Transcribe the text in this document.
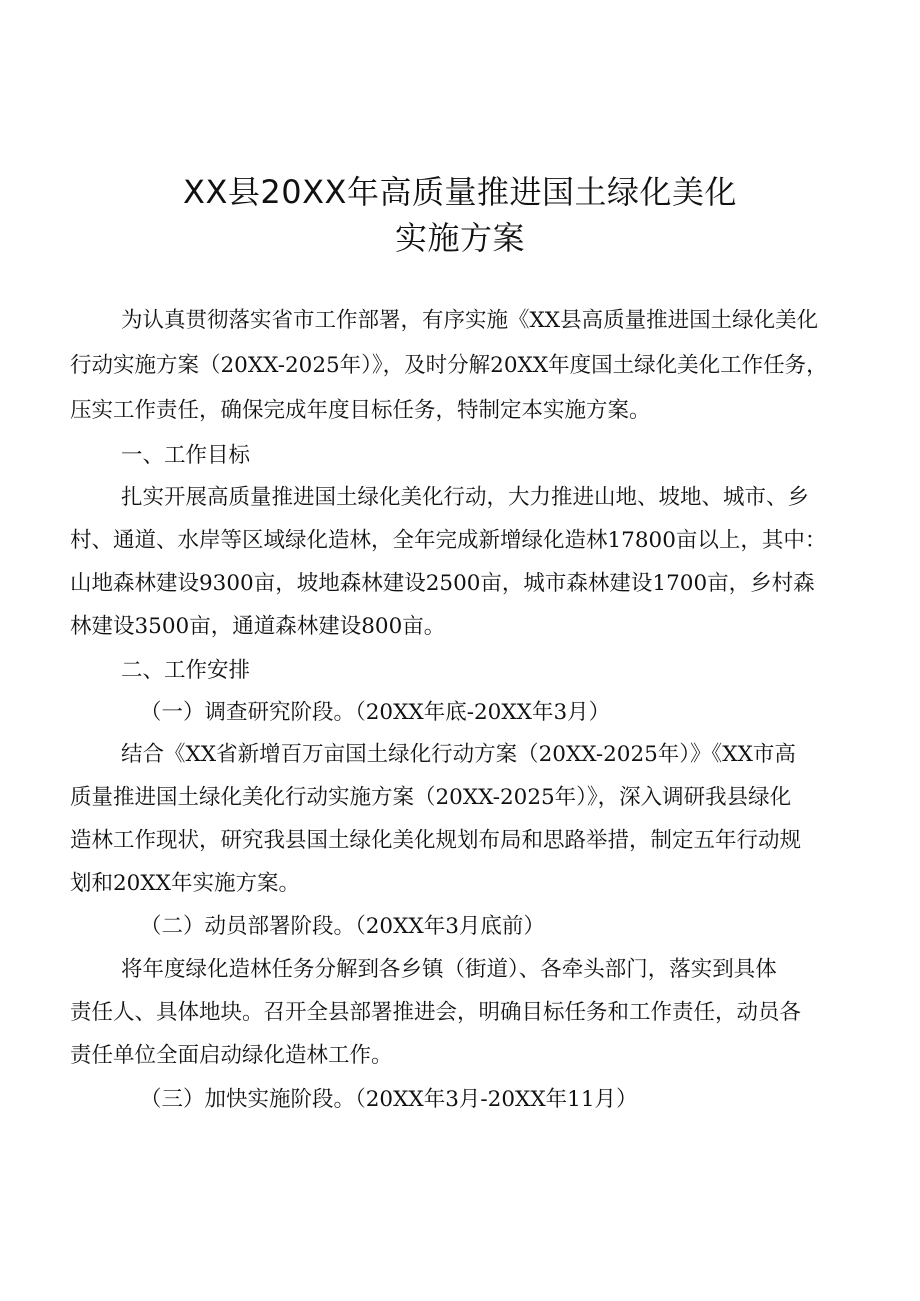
XX县20XX年高质量推进国土绿化美化
实施方案
为认真贯彻落实省市工作部署，有序实施《XX县高质量推进国土绿化美化
行动实施方案（20XX-2025年）》，及时分解20XX年度国土绿化美化工作任务，
压实工作责任，确保完成年度目标任务，特制定本实施方案。
一、工作目标
扎实开展高质量推进国土绿化美化行动，大力推进山地、坡地、城市、乡
村、通道、水岸等区域绿化造林，全年完成新增绿化造林17800亩以上，其中：
山地森林建设9300亩，坡地森林建设2500亩，城市森林建设1700亩，乡村森
林建设3500亩，通道森林建设800亩。
二、工作安排
（一）调查研究阶段。（20XX年底-20XX年3月）
结合《XX省新增百万亩国土绿化行动方案（20XX-2025年）》《XX市高
质量推进国土绿化美化行动实施方案（20XX-2025年）》，深入调研我县绿化
造林工作现状，研究我县国土绿化美化规划布局和思路举措，制定五年行动规
划和20XX年实施方案。
（二）动员部署阶段。（20XX年3月底前）
将年度绿化造林任务分解到各乡镇（街道）、各牵头部门，落实到具体
责任人、具体地块。召开全县部署推进会，明确目标任务和工作责任，动员各
责任单位全面启动绿化造林工作。
（三）加快实施阶段。（20XX年3月-20XX年11月）
